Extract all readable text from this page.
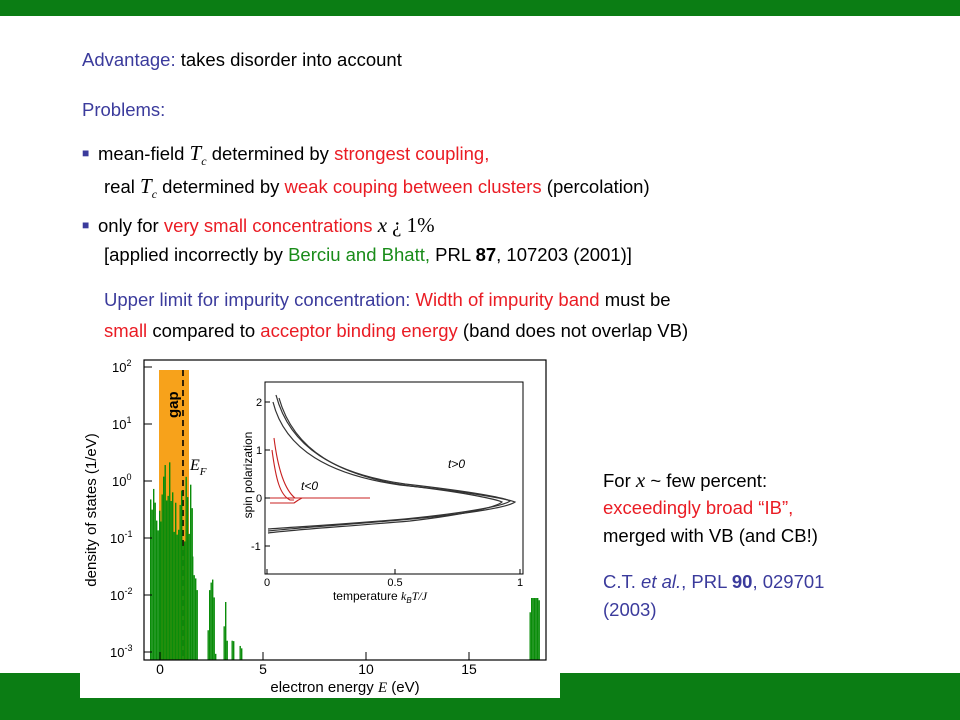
Advantage: takes disorder into account
Problems:
■ mean-field $T_c$ determined by strongest coupling,
real $T_c$ determined by weak couping between clusters (percolation)
■ only for very small concentrations x ¿ 1%
[applied incorrectly by Berciu and Bhatt, PRL 87, 107203 (2001)]
Upper limit for impurity concentration: Width of impurity band must be
small compared to acceptor binding energy (band does not overlap VB)
For x ~ few percent:
exceedingly broad “IB”,
merged with VB (and CB!)
C.T. et al., PRL 90, 029701
(2003)
$10^2$
$10^1$
$10^0$
$10^{-1}$
$10^{-2}$
$10^{-3}$
0	5	10	15
electron energy E (eV)
density of states (1/eV)
gap
$E_F$
2
1
0
-1
0	0.5	1
temperature $k_BT/J$
spin polarization	t>0
t<0
